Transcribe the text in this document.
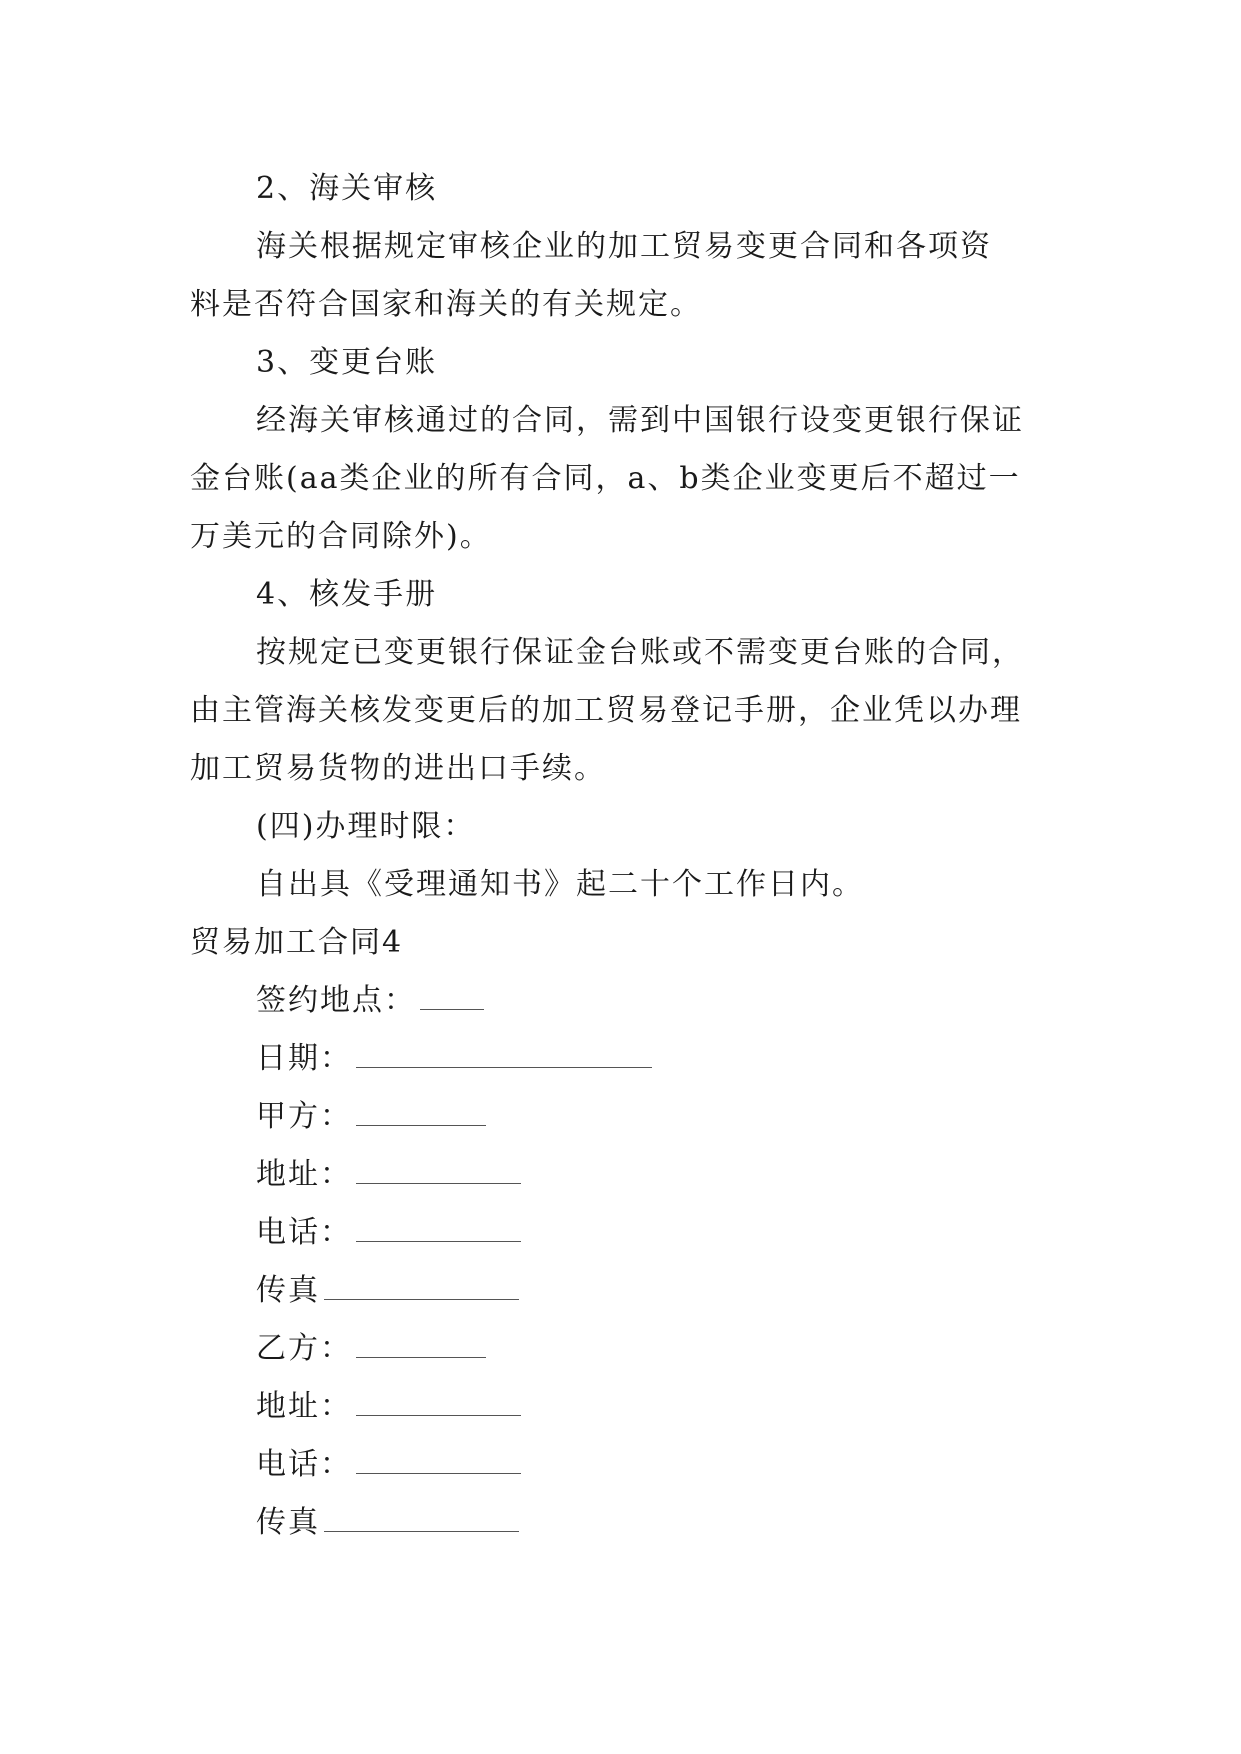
2、海关审核
海关根据规定审核企业的加工贸易变更合同和各项资
料是否符合国家和海关的有关规定。
3、变更台账
经海关审核通过的合同，需到中国银行设变更银行保证
金台账(aa类企业的所有合同，a、b类企业变更后不超过一
万美元的合同除外)。
4、核发手册
按规定已变更银行保证金台账或不需变更台账的合同，
由主管海关核发变更后的加工贸易登记手册，企业凭以办理
加工贸易货物的进出口手续。
(四)办理时限：
自出具《受理通知书》起二十个工作日内。
贸易加工合同4
签约地点：
日期：
甲方：
地址：
电话：
传真
乙方：
地址：
电话：
传真
